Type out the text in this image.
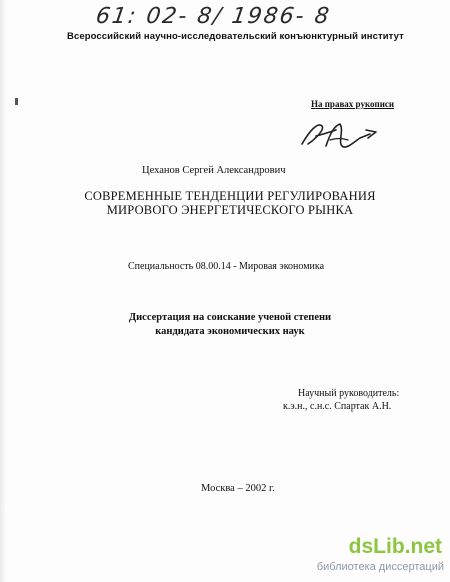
61: 02- 8/ 1986- 8
Всероссийский научно-исследовательский конъюнктурный институт
На правах рукописи
Цеханов Сергей Александрович
СОВРЕМЕННЫЕ ТЕНДЕНЦИИ РЕГУЛИРОВАНИЯ
МИРОВОГО ЭНЕРГЕТИЧЕСКОГО РЫНКА
Специальность 08.00.14 - Мировая экономика
Диссертация на соискание ученой степени
кандидата экономических наук
Научный руководитель:
к.э.н., с.н.с. Спартак А.Н.
Москва – 2002 г.
dsLib.net
библиотека диссертаций
